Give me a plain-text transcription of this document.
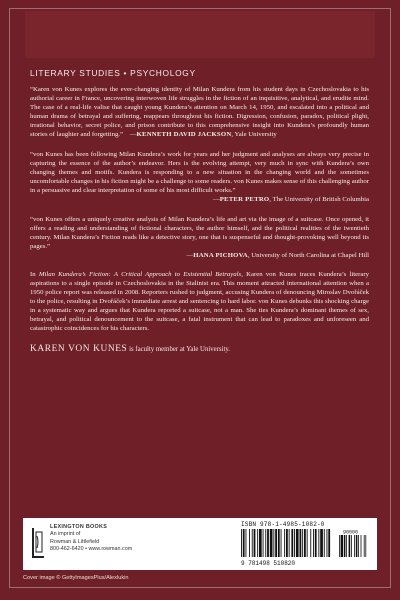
LITERARY STUDIES • PSYCHOLOGY
“Karen von Kunes explores the ever-changing identity of Milan Kundera from his student days in Czechoslovakia to his authorial career in France, uncovering interwoven life struggles in the fiction of an inquisitive, analytical, and erudite mind. The case of a real-life valise that caught young Kundera’s attention on March 14, 1950, and escalated into a political and human drama of betrayal and suffering, reappears throughout his fiction. Digression, confusion, paradox, political plight, irrational behavior, secret police, and prison contribute to this comprehensive insight into Kundera’s profoundly human stories of laughter and forgetting.”    —KENNETH DAVID JACKSON, Yale University
“von Kunes has been following Milan Kundera’s work for years and her judgment and analyses are always very precise in capturing the essence of the author’s endeavor. Hers is the evolving attempt, very much in sync with Kundera’s own changing themes and motifs. Kundera is responding to a new situation in the changing world and the sometimes uncomfortable changes in his fiction might be a challenge to some readers. von Kunes makes sense of this challenging author in a persuasive and clear interpretation of some of his most difficult works.”
—PETER PETRO, The University of British Columbia
“von Kunes offers a uniquely creative analysis of Milan Kundera’s life and art via the image of a suitcase. Once opened, it offers a reading and understanding of fictional characters, the author himself, and the political realities of the twentieth century. Milan Kundera’s Fiction reads like a detective story, one that is suspenseful and thought-provoking well beyond its pages.”
—HANA PICHOVA, University of North Carolina at Chapel Hill
In Milan Kundera’s Fiction: A Critical Approach to Existential Betrayals, Karen von Kunes traces Kundera’s literary aspirations to a single episode in Czechoslovakia in the Stalinist era. This moment attracted international attention when a 1950 police report was released in 2008. Reporters rushed to judgment, accusing Kundera of denouncing Miroslav Dvořáček to the police, resulting in Dvořáček’s immediate arrest and sentencing to hard labor. von Kunes debunks this shocking charge in a systematic way and argues that Kundera reported a suitcase, not a man. She ties Kundera’s dominant themes of sex, betrayal, and political denouncement to the suitcase, a fatal instrument that can lead to paradoxes and unforeseen and catastrophic coincidences for his characters.
KAREN VON KUNES is faculty member at Yale University.
LEXINGTON BOOKS
An imprint of
Rowman & Littlefield
800-462-6420 • www.rowman.com
ISBN 978-1-4985-1082-0
9 781498 510820
90000
Cover image © GettyImagesPlus/Alexlukin
